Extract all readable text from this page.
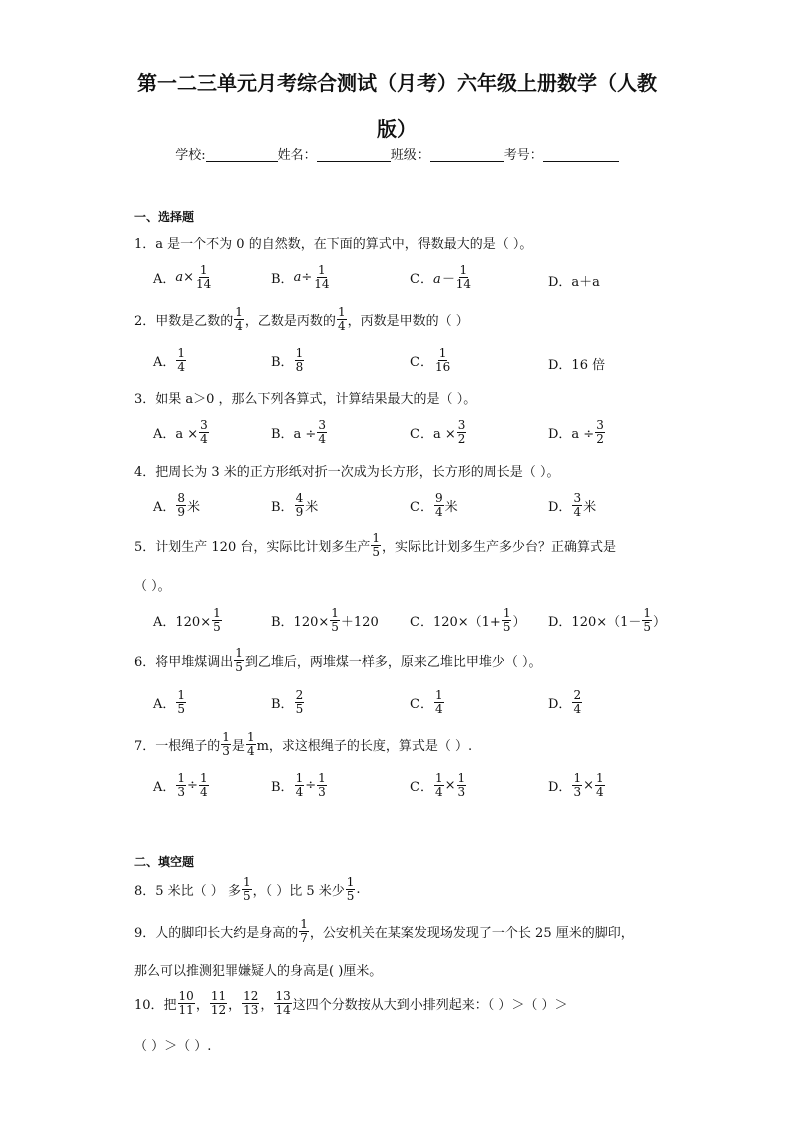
第一二三单元月考综合测试（月考）六年级上册数学（人教
版）
学校:	姓名：	班级：	考号：
一、选择题
1．a 是一个不为 0 的自然数，在下面的算式中，得数最大的是（ ）。
A． $a\times \frac{1}{14}$	B． $a\div \frac{1}{14}$	C． $a- \frac{1}{14}$	D．a＋a
2．甲数是乙数的 $\frac{1}{4}$ ，乙数是丙数的 $\frac{1}{4}$ ，丙数是甲数的（ ）
A． $\frac{1}{4}$	B． $\frac{1}{8}$	C． $\frac{1}{16}$	D．16 倍
3．如果 a＞0 ，那么下列各算式，计算结果最大的是（ ）。
A．$a \times \frac{3}{4}$	B．$a \div \frac{3}{4}$	C．$a \times \frac{3}{2}$	D．$a \div \frac{3}{2}$
4．把周长为 3 米的正方形纸对折一次成为长方形，长方形的周长是（ ）。
A． $\frac{8}{9}$ 米	B． $\frac{4}{9}$ 米	C． $\frac{9}{4}$ 米	D． $\frac{3}{4}$ 米
5．计划生产 120 台，实际比计划多生产 $\frac{1}{5}$ ，实际比计划多生产多少台？正确算式是
（ ）。
A．$120\times \frac{1}{5}$	B．$120\times \frac{1}{5} +120$ C．$120\times(1+ \frac{1}{5}$ ） D．$120\times(1- \frac{1}{5}$ ）
6．将甲堆煤调出 $\frac{1}{5}$ 到乙堆后，两堆煤一样多，原来乙堆比甲堆少（ ）。
A． $\frac{1}{5}$	B． $\frac{2}{5}$	C． $\frac{1}{4}$	D． $\frac{2}{4}$
7．一根绳子的 $\frac{1}{3}$ 是 $\frac{1}{4}$ m，求这根绳子的长度，算式是（ ）.
A． $\frac{1}{3} \div \frac{1}{4}$	B． $\frac{1}{4} \div \frac{1}{3}$	C． $\frac{1}{4} \times \frac{1}{3}$	D． $\frac{1}{3} \times \frac{1}{4}$
二、填空题
8．5 米比（ ） 多 $\frac{1}{5}$ ，（ ）比 5 米少 $\frac{1}{5}$ .
9．人的脚印长大约是身高的 $\frac{1}{7}$ ，公安机关在某案发现场发现了一个长 25 厘米的脚印，
那么可以推测犯罪嫌疑人的身高是( )厘米。
10．把 $\frac{10}{11}$ ， $\frac{11}{12}$ ， $\frac{12}{13}$ ， $\frac{13}{14}$ 这四个分数按从大到小排列起来：（ ）＞（ ）＞
（ ）＞（ ）.
